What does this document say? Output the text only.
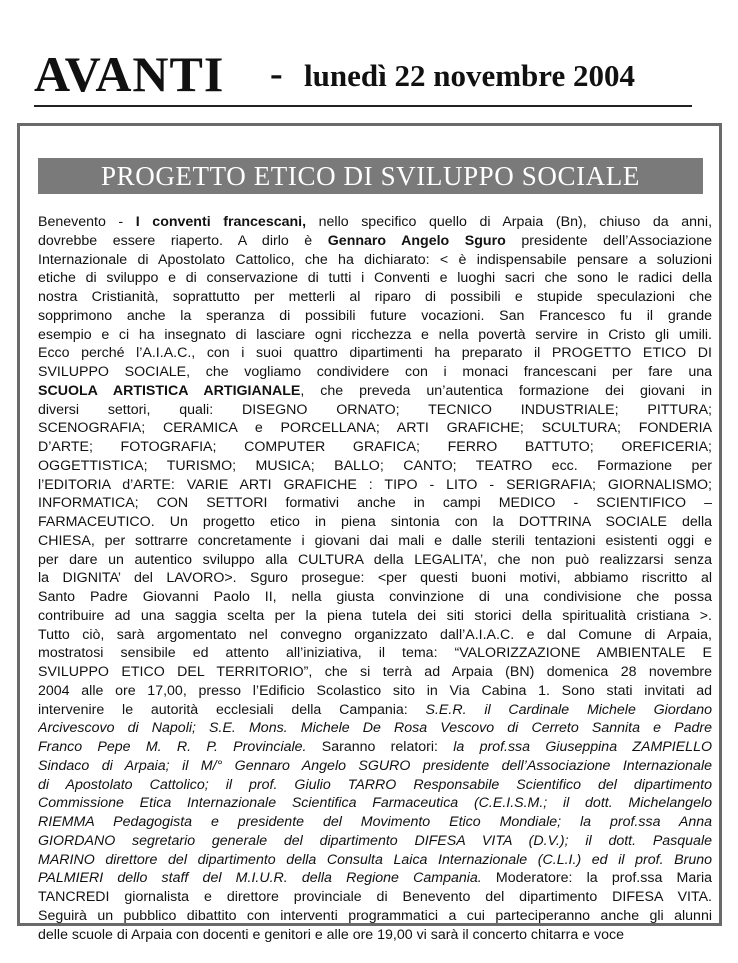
AVANTI - lunedì 22 novembre 2004
PROGETTO ETICO DI SVILUPPO SOCIALE
Benevento - I conventi francescani, nello specifico quello di Arpaia (Bn), chiuso da anni,
dovrebbe essere riaperto. A dirlo è Gennaro Angelo Sguro presidente dell’Associazione
Internazionale di Apostolato Cattolico, che ha dichiarato: < è indispensabile pensare a soluzioni
etiche di sviluppo e di conservazione di tutti i Conventi e luoghi sacri che sono le radici della
nostra Cristianità, soprattutto per metterli al riparo di possibili e stupide speculazioni che
sopprimono anche la speranza di possibili future vocazioni. San Francesco fu il grande
esempio e ci ha insegnato di lasciare ogni ricchezza e nella povertà servire in Cristo gli umili.
Ecco perché l’A.I.A.C., con i suoi quattro dipartimenti ha preparato il PROGETTO ETICO DI
SVILUPPO SOCIALE, che vogliamo condividere con i monaci francescani per fare una
SCUOLA ARTISTICA ARTIGIANALE, che preveda un’autentica formazione dei giovani in
diversi settori, quali: DISEGNO ORNATO; TECNICO INDUSTRIALE; PITTURA;
SCENOGRAFIA; CERAMICA e PORCELLANA; ARTI GRAFICHE; SCULTURA; FONDERIA
D’ARTE; FOTOGRAFIA; COMPUTER GRAFICA; FERRO BATTUTO; OREFICERIA;
OGGETTISTICA; TURISMO; MUSICA; BALLO; CANTO; TEATRO ecc. Formazione per
l’EDITORIA d’ARTE: VARIE ARTI GRAFICHE : TIPO - LITO - SERIGRAFIA; GIORNALISMO;
INFORMATICA; CON SETTORI formativi anche in campi MEDICO - SCIENTIFICO –
FARMACEUTICO. Un progetto etico in piena sintonia con la DOTTRINA SOCIALE della
CHIESA, per sottrarre concretamente i giovani dai mali e dalle sterili tentazioni esistenti oggi e
per dare un autentico sviluppo alla CULTURA della LEGALITA’, che non può realizzarsi senza
la DIGNITA’ del LAVORO>. Sguro prosegue: <per questi buoni motivi, abbiamo riscritto al
Santo Padre Giovanni Paolo II, nella giusta convinzione di una condivisione che possa
contribuire ad una saggia scelta per la piena tutela dei siti storici della spiritualità cristiana >.
Tutto ciò, sarà argomentato nel convegno organizzato dall’A.I.A.C. e dal Comune di Arpaia,
mostratosi sensibile ed attento all’iniziativa, il tema: “VALORIZZAZIONE AMBIENTALE E
SVILUPPO ETICO DEL TERRITORIO”, che si terrà ad Arpaia (BN) domenica 28 novembre
2004 alle ore 17,00, presso l’Edificio Scolastico sito in Via Cabina 1. Sono stati invitati ad
intervenire le autorità ecclesiali della Campania: S.E.R. il Cardinale Michele Giordano
Arcivescovo di Napoli; S.E. Mons. Michele De Rosa Vescovo di Cerreto Sannita e Padre
Franco Pepe M. R. P. Provinciale. Saranno relatori: la prof.ssa Giuseppina ZAMPIELLO
Sindaco di Arpaia; il M/° Gennaro Angelo SGURO presidente dell’Associazione Internazionale
di Apostolato Cattolico; il prof. Giulio TARRO Responsabile Scientifico del dipartimento
Commissione Etica Internazionale Scientifica Farmaceutica (C.E.I.S.M.; il dott. Michelangelo
RIEMMA Pedagogista e presidente del Movimento Etico Mondiale; la prof.ssa Anna
GIORDANO segretario generale del dipartimento DIFESA VITA (D.V.); il dott. Pasquale
MARINO direttore del dipartimento della Consulta Laica Internazionale (C.L.I.) ed il prof. Bruno
PALMIERI dello staff del M.I.U.R. della Regione Campania. Moderatore: la prof.ssa Maria
TANCREDI giornalista e direttore provinciale di Benevento del dipartimento DIFESA VITA.
Seguirà un pubblico dibattito con interventi programmatici a cui parteciperanno anche gli alunni
delle scuole di Arpaia con docenti e genitori e alle ore 19,00 vi sarà il concerto chitarra e voce
